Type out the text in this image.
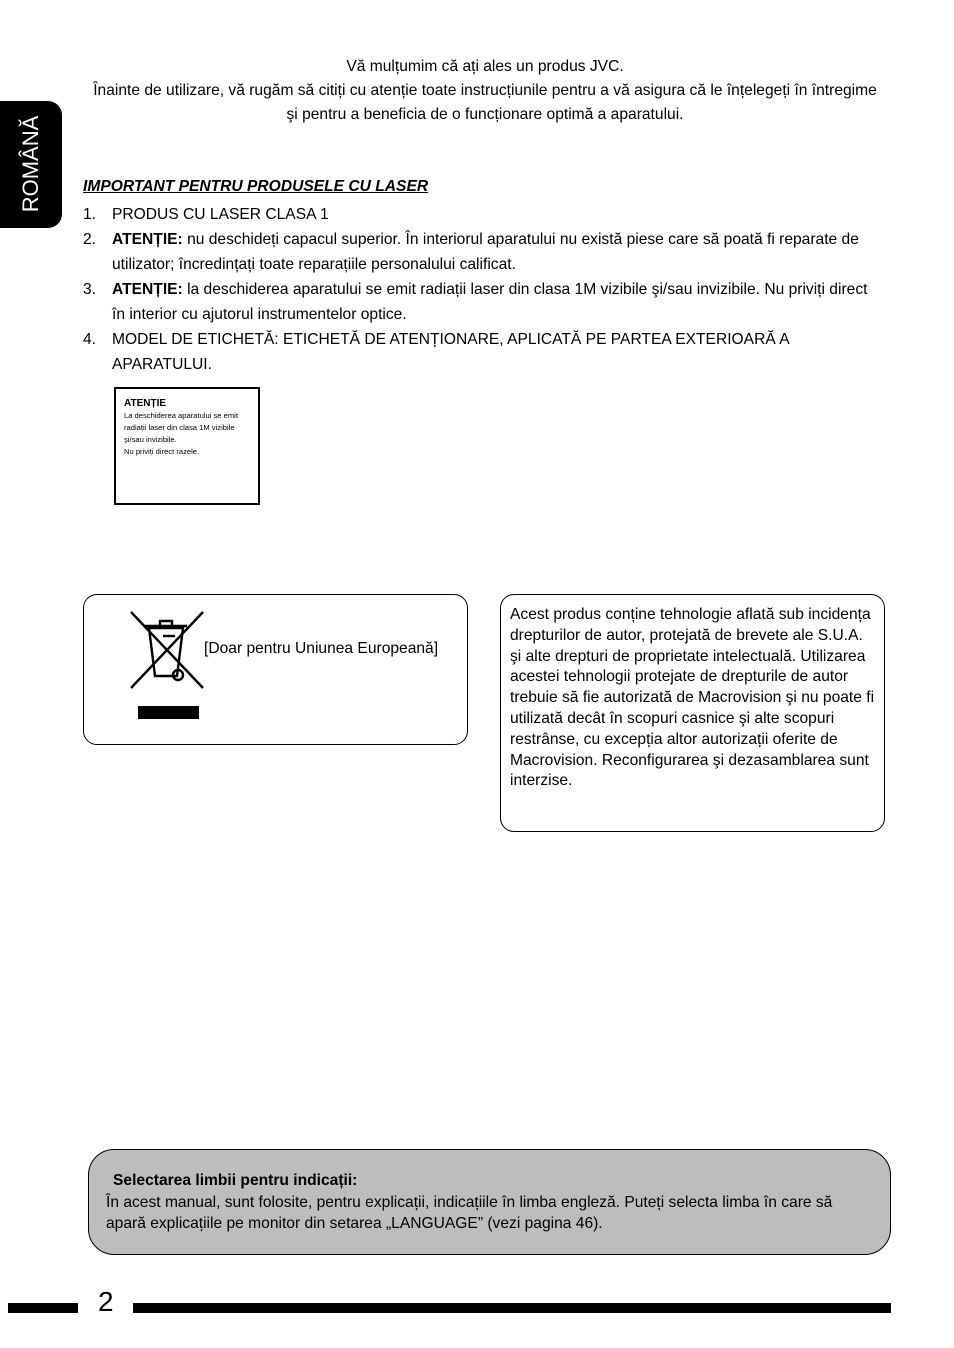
ROMÂNĂ
Vă mulțumim că ați ales un produs JVC.
Înainte de utilizare, vă rugăm să citiți cu atenție toate instrucțiunile pentru a vă asigura că le înțelegeți în întregime şi pentru a beneficia de o funcționare optimă a aparatului.
IMPORTANT PENTRU PRODUSELE CU LASER
1. PRODUS CU LASER CLASA 1
2. ATENȚIE: nu deschideți capacul superior. În interiorul aparatului nu există piese care să poată fi reparate de utilizator; încredințați toate reparațiile personalului calificat.
3. ATENȚIE: la deschiderea aparatului se emit radiații laser din clasa 1M vizibile şi/sau invizibile. Nu priviți direct în interior cu ajutorul instrumentelor optice.
4. MODEL DE ETICHETĂ: ETICHETĂ DE ATENȚIONARE, APLICATĂ PE PARTEA EXTERIOARĂ A APARATULUI.
ATENȚIE
La deschiderea aparatului se emit radiații laser din clasa 1M vizibile şi/sau invizibile.
Nu priviți direct razele.
[Doar pentru Uniunea Europeană]

Acest produs conține tehnologie aflată sub incidența drepturilor de autor, protejată de brevete ale S.U.A. şi alte drepturi de proprietate intelectuală. Utilizarea acestei tehnologii protejate de drepturile de autor trebuie să fie autorizată de Macrovision şi nu poate fi utilizată decât în scopuri casnice şi alte scopuri restrânse, cu excepția altor autorizații oferite de Macrovision. Reconfigurarea şi dezasamblarea sunt interzise.

Selectarea limbii pentru indicații:
În acest manual, sunt folosite, pentru explicații, indicațiile în limba engleză. Puteți selecta limba în care să apară explicațiile pe monitor din setarea „LANGUAGE” (vezi pagina 46).
2
